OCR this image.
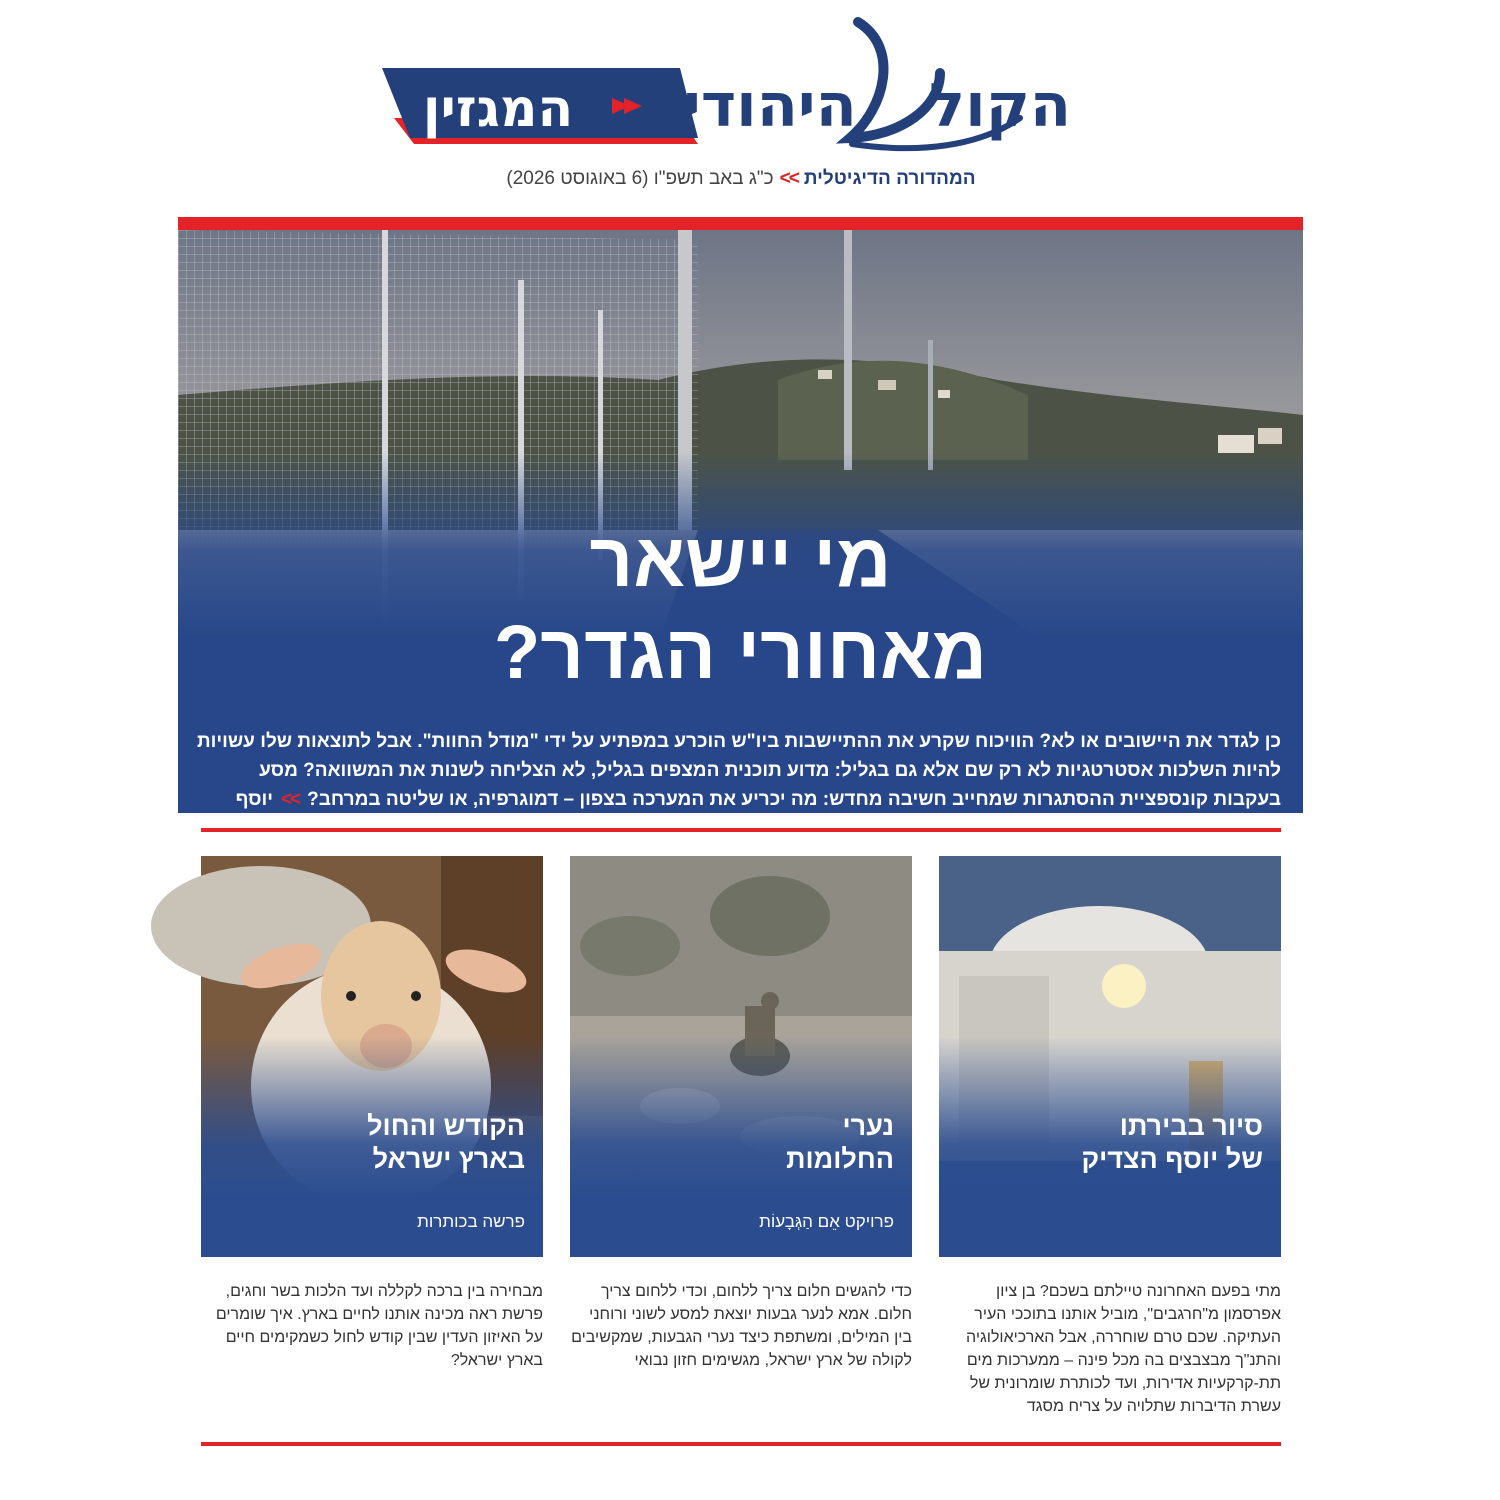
המגזין היהודי הקול
המהדורה הדיגיטלית>>כ"ג באב תשפ"ו (6 באוגוסט 2026)
מי יישאר
מאחורי הגדר?
כן לגדר את היישובים או לא? הוויכוח שקרע את ההתיישבות ביו"ש הוכרע במפתיע על ידי "מודל החוות". אבל לתוצאות שלו עשויות להיות השלכות אסטרטגיות לא רק שם אלא גם בגליל: מדוע תוכנית המצפים בגליל, לא הצליחה לשנות את המשוואה? מסע בעקבות קונספציית ההסתגרות שמחייב חשיבה מחדש: מה יכריע את המערכה בצפון – דמוגרפיה, או שליטה במרחב?>>יוסף
סיור בבירתו
של יוסף הצדיק
נערי
החלומות
פרויקט אֵם הַגְּבָעוֹת
הקודש והחול
בארץ ישראל
פרשה בכותרות
מתי בפעם האחרונה טיילתם בשכם? בן ציון אפרסמון מ"חרגבים", מוביל אותנו בתוככי העיר העתיקה. שכם טרם שוחררה, אבל הארכיאולוגיה והתנ"ך מבצבצים בה מכל פינה – ממערכות מים תת-קרקעיות אדירות, ועד לכותרת שומרונית של עשרת הדיברות שתלויה על צריח מסגד
כדי להגשים חלום צריך ללחום, וכדי ללחום צריך חלום. אמא לנער גבעות יוצאת למסע לשוני ורוחני בין המילים, ומשתפת כיצד נערי הגבעות, שמקשיבים לקולה של ארץ ישראל, מגשימים חזון נבואי
מבחירה בין ברכה לקללה ועד הלכות בשר וחגים, פרשת ראה מכינה אותנו לחיים בארץ. איך שומרים על האיזון העדין שבין קודש לחול כשמקימים חיים בארץ ישראל?
